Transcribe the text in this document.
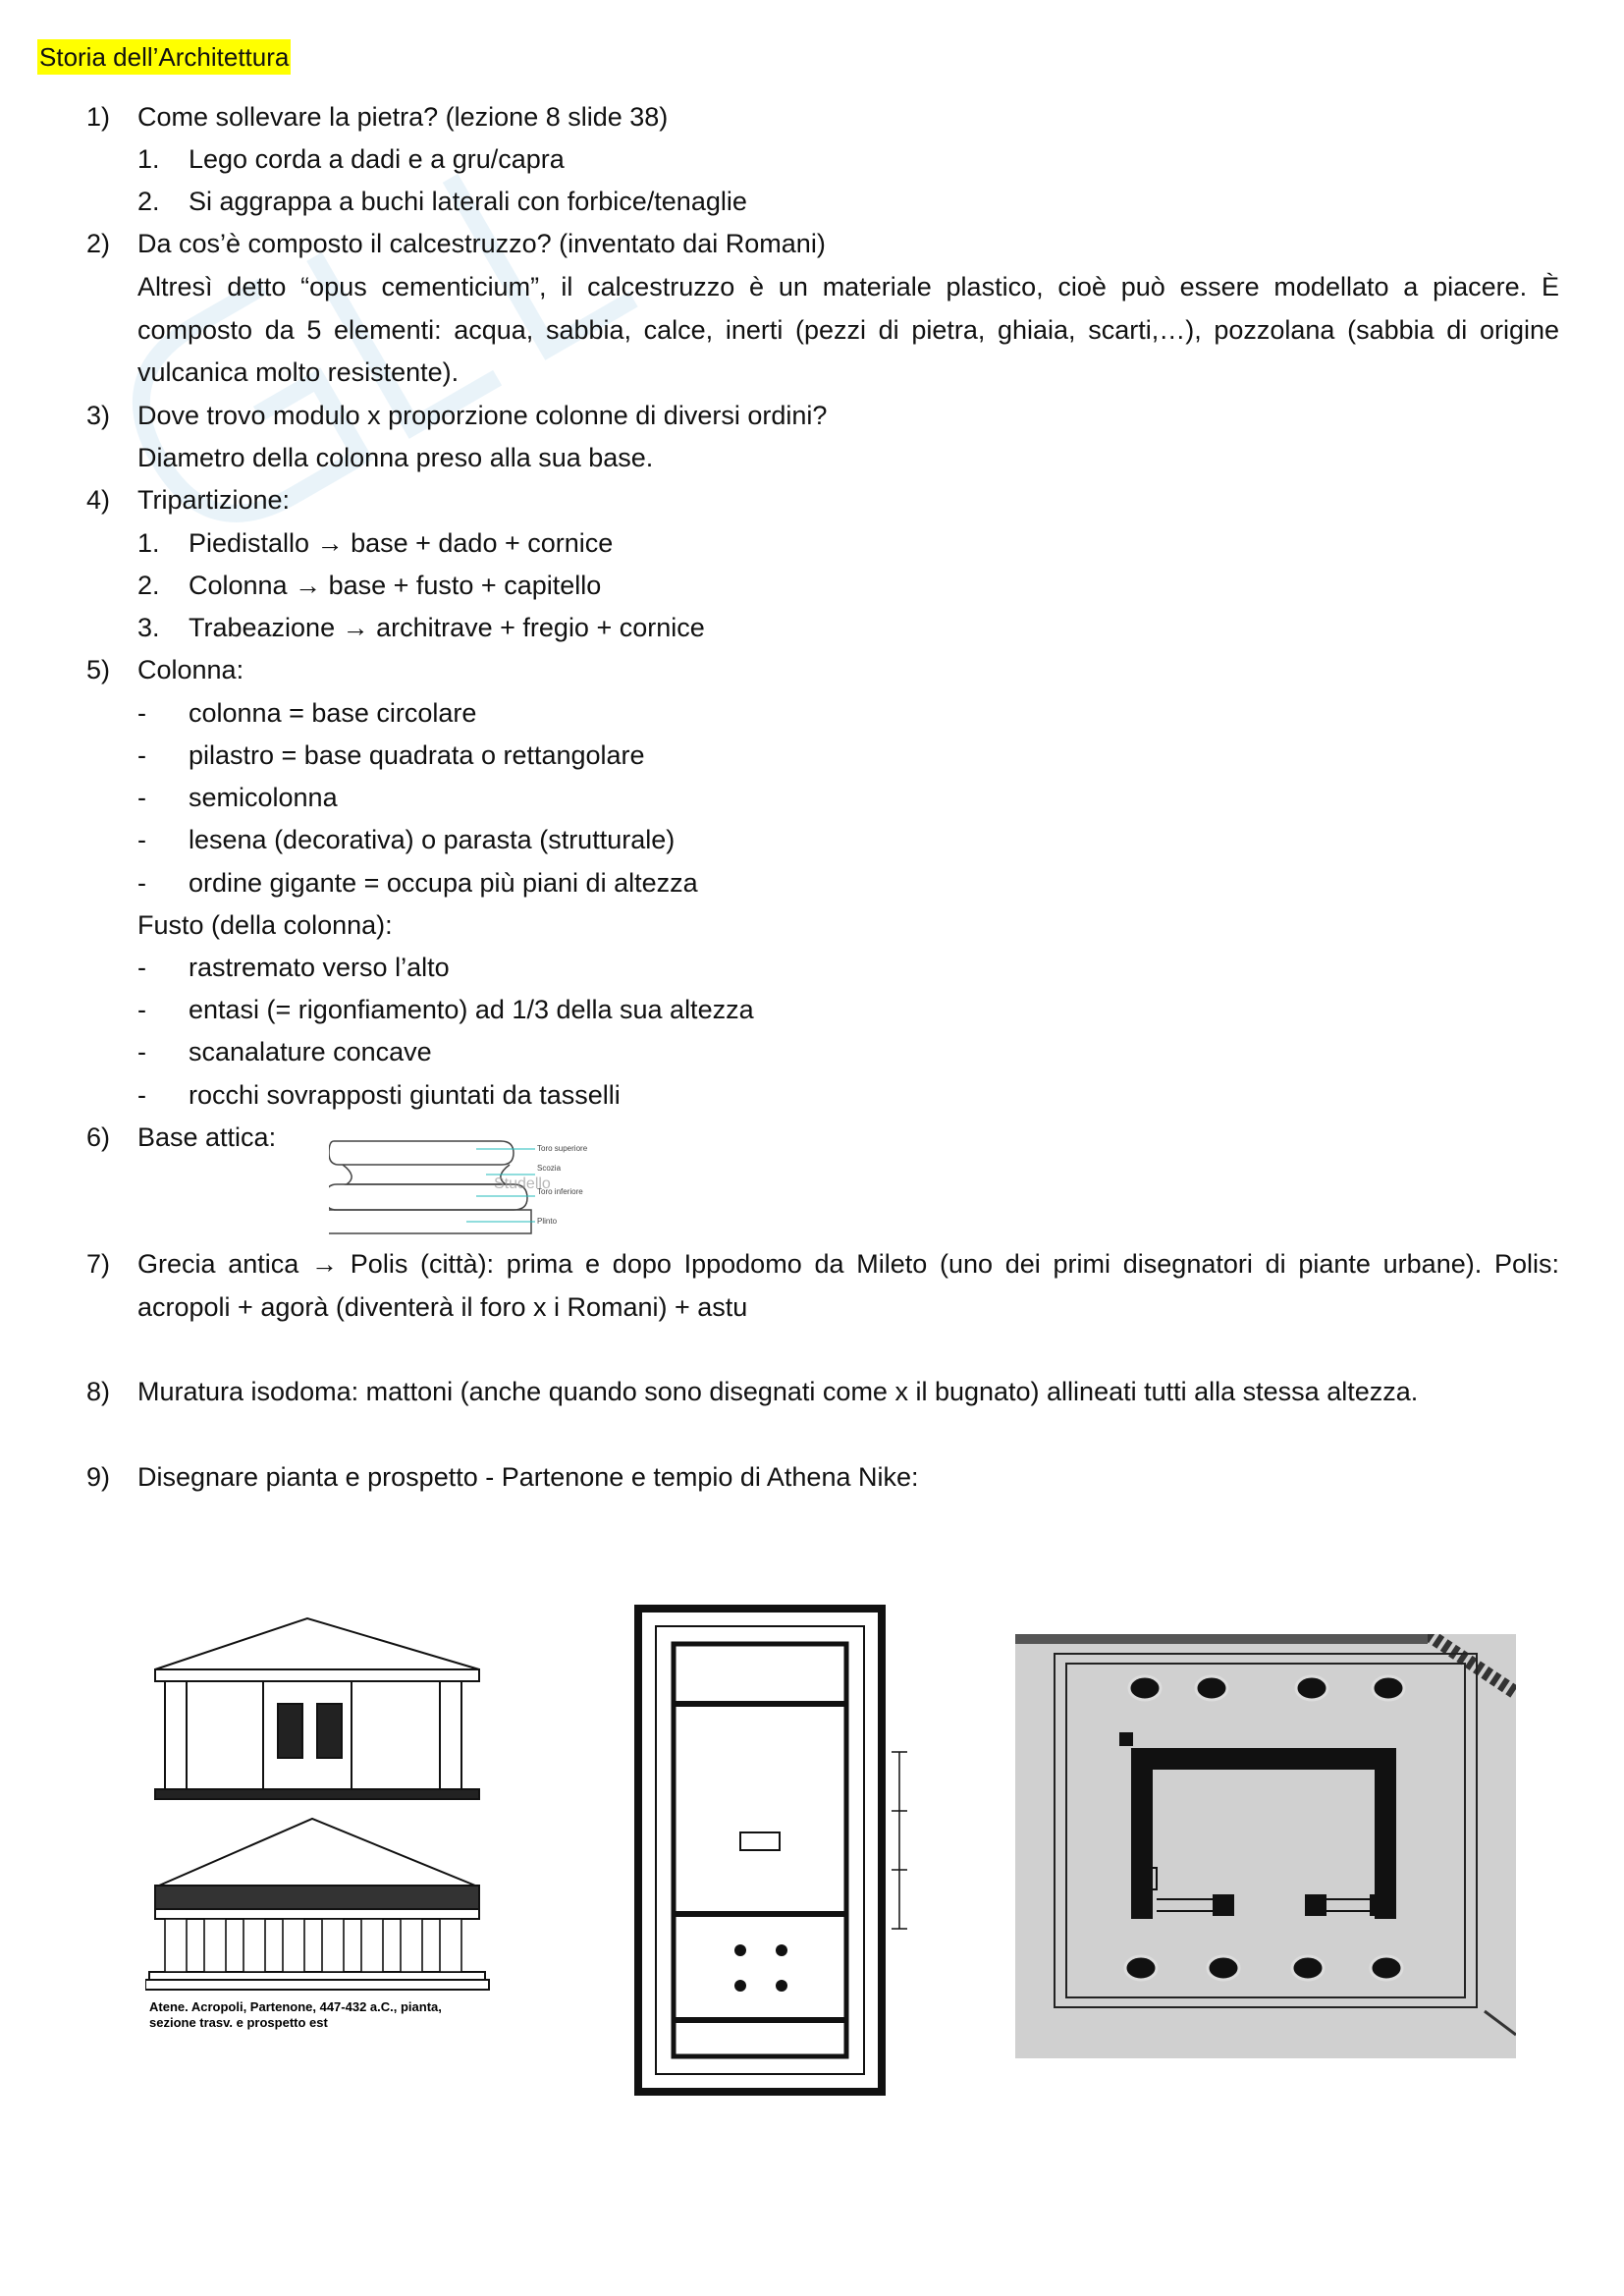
Storia dell’Architettura
1)	Come sollevare la pietra? (lezione 8 slide 38)
1. Lego corda a dadi e a gru/capra
2. Si aggrappa a buchi laterali con forbice/tenaglie
2)	Da cos’è composto il calcestruzzo? (inventato dai Romani)
Altresì detto “opus cementicium”, il calcestruzzo è un materiale plastico, cioè può essere modellato a piacere. È composto da 5 elementi: acqua, sabbia, calce, inerti (pezzi di pietra, ghiaia, scarti,…), pozzolana (sabbia di origine vulcanica molto resistente).
3)	Dove trovo modulo x proporzione colonne di diversi ordini?
Diametro della colonna preso alla sua base.
4)	Tripartizione:
1. Piedistallo → base + dado + cornice
2. Colonna → base + fusto + capitello
3. Trabeazione → architrave + fregio + cornice
5)	Colonna:
- colonna = base circolare
- pilastro = base quadrata o rettangolare
- semicolonna
- lesena (decorativa) o parasta (strutturale)
- ordine gigante = occupa più piani di altezza
Fusto (della colonna):
- rastremato verso l’alto
- entasi (= rigonfiamento) ad 1/3 della sua altezza
- scanalature concave
- rocchi sovrapposti giuntati da tasselli
6)	Base attica:	Toro superiore
Scozia
Toro inferiore
Plinto
Studello
7)	Grecia antica → Polis (città): prima e dopo Ippodomo da Mileto (uno dei primi disegnatori di piante urbane). Polis: acropoli + agorà (diventerà il foro x i Romani) + astu
8)	Muratura isodoma: mattoni (anche quando sono disegnati come x il bugnato) allineati tutti alla stessa altezza.
9)	Disegnare pianta e prospetto - Partenone e tempio di Athena Nike:
Atene. Acropoli, Partenone, 447-432 a.C., pianta,
sezione trasv. e prospetto est
